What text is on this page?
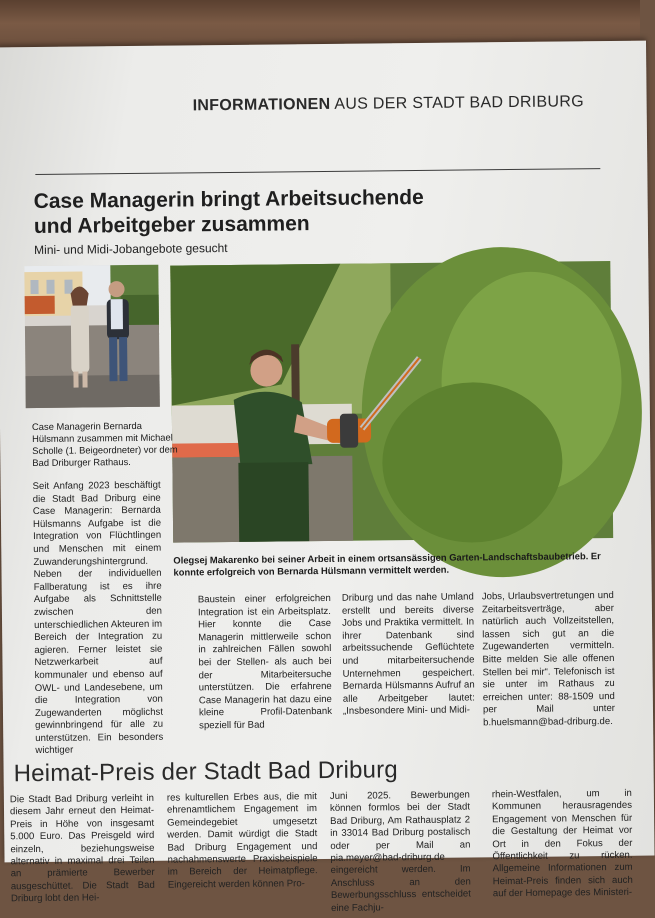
INFORMATIONEN AUS DER STADT BAD DRIBURG
Case Managerin bringt Arbeitsuchende
und Arbeitgeber zusammen
Mini- und Midi-Jobangebote gesucht
Case Managerin Bernarda Hülsmann zusammen mit Michael Scholle (1. Beigeordneter) vor dem Bad Driburger Rathaus.
Olegsej Makarenko bei seiner Arbeit in einem ortsansässigen Garten-Landschaftsbaubetrieb. Er konnte erfolgreich von Bernarda Hülsmann vermittelt werden.
Seit Anfang 2023 beschäftigt die Stadt Bad Driburg eine Case Managerin: Bernarda Hülsmanns Aufgabe ist die Integration von Flüchtlingen und Menschen mit einem Zuwanderungshintergrund. Neben der individuellen Fallberatung ist es ihre Aufgabe als Schnittstelle zwischen den unterschiedlichen Akteuren im Bereich der Integration zu agieren. Ferner leistet sie Netzwerkarbeit auf kommunaler und ebenso auf OWL- und Landesebene, um die Integration von Zugewanderten möglichst gewinnbringend für alle zu unterstützen. Ein besonders wichtiger
Baustein einer erfolgreichen Integration ist ein Arbeitsplatz. Hier konnte die Case Managerin mittlerweile schon in zahlreichen Fällen sowohl bei der Stellen- als auch bei der Mitarbeitersuche unterstützen. Die erfahrene Case Managerin hat dazu eine kleine Profil-Datenbank speziell für Bad
Driburg und das nahe Umland erstellt und bereits diverse Jobs und Praktika vermittelt. In ihrer Datenbank sind arbeitssuchende Geflüchtete und mitarbeitersuchende Unternehmen gespeichert. Bernarda Hülsmanns Aufruf an alle Arbeitgeber lautet: „Insbesondere Mini- und Midi-
Jobs, Urlaubsvertretungen und Zeitarbeitsverträge, aber natürlich auch Vollzeitstellen, lassen sich gut an die Zugewanderten vermitteln. Bitte melden Sie alle offenen Stellen bei mir“. Telefonisch ist sie unter im Rathaus zu erreichen unter: 88-1509 und per Mail unter b.huelsmann@bad-driburg.de.
Heimat-Preis der Stadt Bad Driburg
Die Stadt Bad Driburg verleiht in diesem Jahr erneut den Heimat-Preis in Höhe von insgesamt 5.000 Euro. Das Preisgeld wird einzeln, beziehungsweise alternativ in maximal drei Teilen an prämierte Bewerber ausgeschüttet. Die Stadt Bad Driburg lobt den Hei-
res kulturellen Erbes aus, die mit ehrenamtlichem Engagement im Gemeindegebiet umgesetzt werden. Damit würdigt die Stadt Bad Driburg Engagement und nachahmenswerte Praxisbeispiele im Bereich der Heimatpflege. Eingereicht werden können Pro-
Juni 2025. Bewerbungen können formlos bei der Stadt Bad Driburg, Am Rathausplatz 2 in 33014 Bad Driburg postalisch oder per Mail an pia.meyer@bad-driburg.de eingereicht werden. Im Anschluss an den Bewerbungsschluss entscheidet eine Fachju-
rhein-Westfalen, um in Kommunen herausragendes Engagement von Menschen für die Gestaltung der Heimat vor Ort in den Fokus der Öffentlichkeit zu rücken. Allgemeine Informationen zum Heimat-Preis finden sich auch auf der Homepage des Ministeri-
